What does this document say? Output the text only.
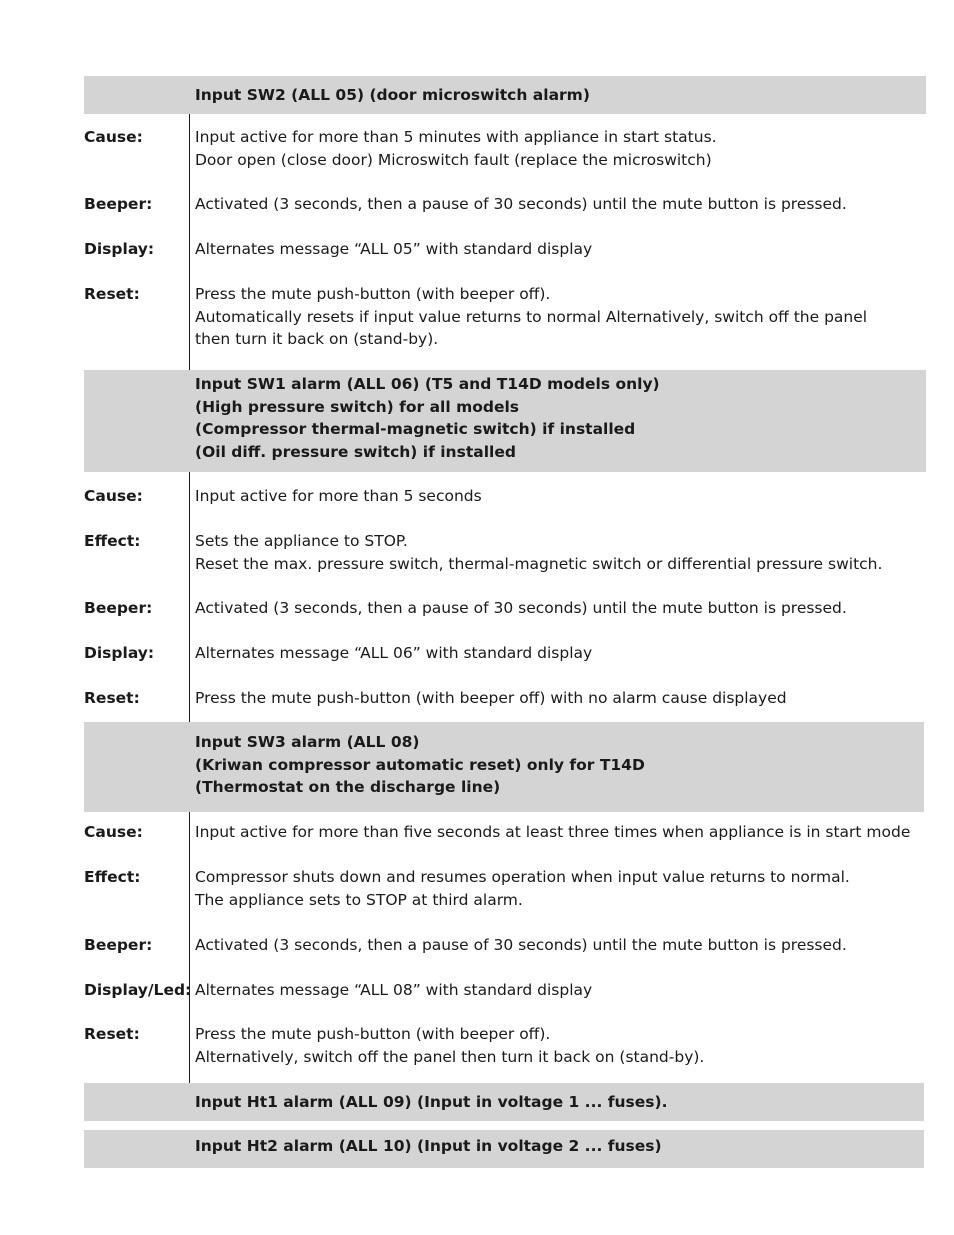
Input SW2 (ALL 05) (door microswitch alarm)
Cause:	Input active for more than 5 minutes with appliance in start status.
Door open (close door) Microswitch fault (replace the microswitch)
Beeper:	Activated (3 seconds, then a pause of 30 seconds) until the mute button is pressed.
Display:	Alternates message “ALL 05” with standard display
Reset:	Press the mute push-button (with beeper off).
Automatically resets if input value returns to normal Alternatively, switch off the panel
then turn it back on (stand-by).
Input SW1 alarm (ALL 06) (T5 and T14D models only)
(High pressure switch) for all models
(Compressor thermal-magnetic switch) if installed
(Oil diff. pressure switch) if installed
Cause:	Input active for more than 5 seconds
Effect:	Sets the appliance to STOP.
Reset the max. pressure switch, thermal-magnetic switch or differential pressure switch.
Beeper:	Activated (3 seconds, then a pause of 30 seconds) until the mute button is pressed.
Display:	Alternates message “ALL 06” with standard display
Reset:	Press the mute push-button (with beeper off) with no alarm cause displayed
Input SW3 alarm (ALL 08)
(Kriwan compressor automatic reset) only for T14D
(Thermostat on the discharge line)
Cause:	Input active for more than five seconds at least three times when appliance is in start mode
Effect:	Compressor shuts down and resumes operation when input value returns to normal.
The appliance sets to STOP at third alarm.
Beeper:	Activated (3 seconds, then a pause of 30 seconds) until the mute button is pressed.
Display/Led: Alternates message “ALL 08” with standard display
Reset:	Press the mute push-button (with beeper off).
Alternatively, switch off the panel then turn it back on (stand-by).
Input Ht1 alarm (ALL 09) (Input in voltage 1 ... fuses).
Input Ht2 alarm (ALL 10) (Input in voltage 2 ... fuses)
